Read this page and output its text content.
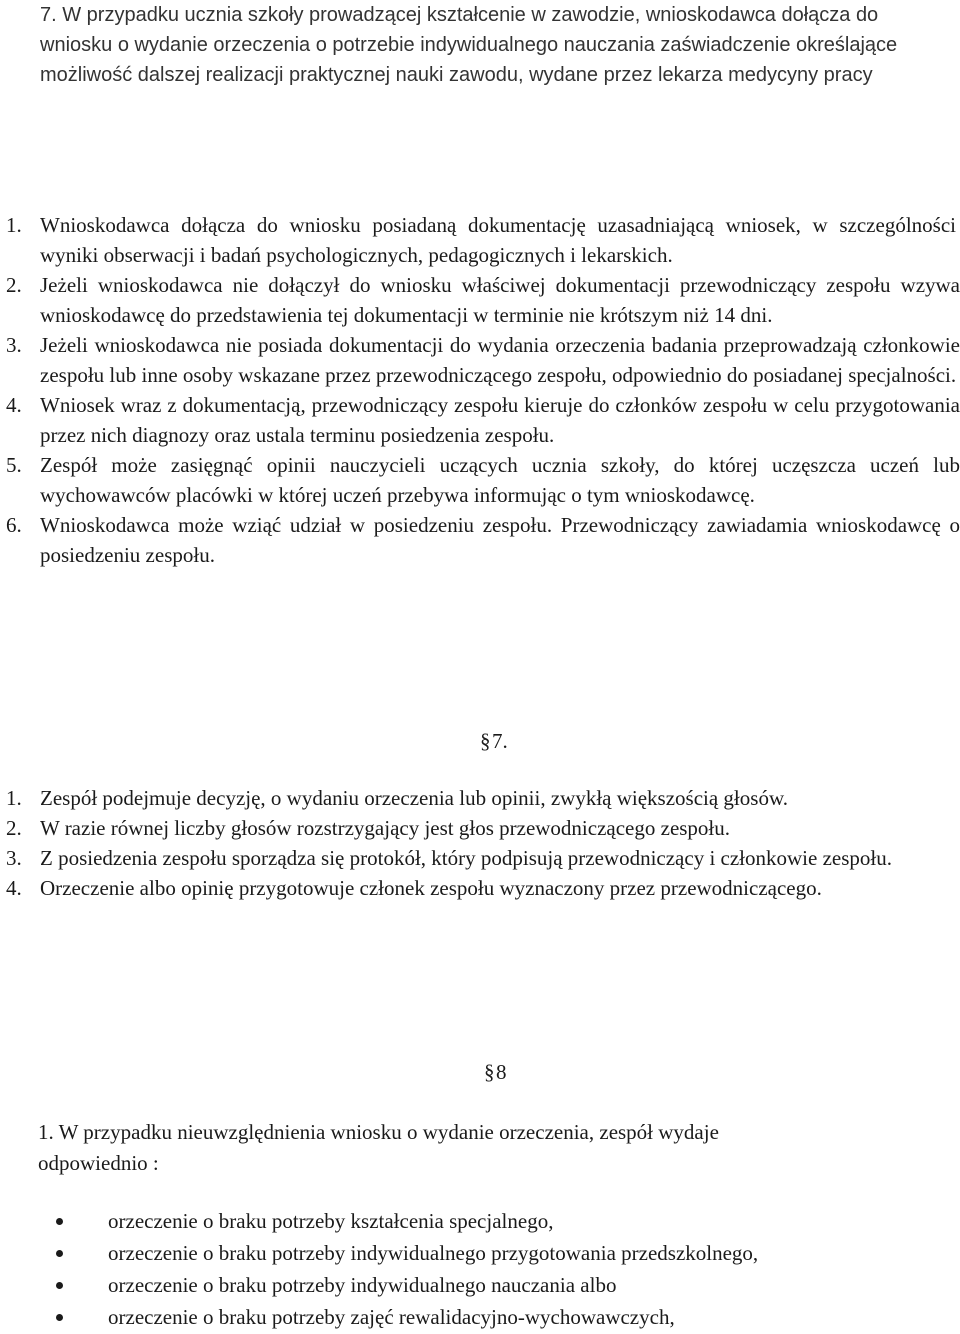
7. W przypadku ucznia szkoły prowadzącej kształcenie w zawodzie, wnioskodawca dołącza do wniosku o wydanie orzeczenia o potrzebie indywidualnego nauczania zaświadczenie określające możliwość dalszej realizacji praktycznej nauki zawodu, wydane przez lekarza medycyny pracy
1. Wnioskodawca dołącza do wniosku posiadaną dokumentację uzasadniającą wniosek, w szczególności wyniki obserwacji i badań psychologicznych, pedagogicznych i lekarskich.
2. Jeżeli wnioskodawca nie dołączył do wniosku właściwej dokumentacji przewodniczący zespołu wzywa wnioskodawcę do przedstawienia tej dokumentacji w terminie nie krótszym niż 14 dni.
3. Jeżeli wnioskodawca nie posiada dokumentacji do wydania orzeczenia badania przeprowadzają członkowie zespołu lub inne osoby wskazane przez przewodniczącego zespołu, odpowiednio do posiadanej specjalności.
4. Wniosek wraz z dokumentacją, przewodniczący zespołu kieruje do członków zespołu w celu przygotowania przez nich diagnozy oraz ustala terminu posiedzenia zespołu.
5. Zespół może zasięgnąć opinii nauczycieli uczących ucznia szkoły, do której uczęszcza uczeń lub wychowawców placówki w której uczeń przebywa informując o tym wnioskodawcę.
6. Wnioskodawca może wziąć udział w posiedzeniu zespołu. Przewodniczący zawiadamia wnioskodawcę o posiedzeniu zespołu.
§7.
1. Zespół podejmuje decyzję, o wydaniu orzeczenia lub opinii, zwykłą większością głosów.
2. W razie równej liczby głosów rozstrzygający jest głos przewodniczącego zespołu.
3. Z posiedzenia zespołu sporządza się protokół, który podpisują przewodniczący i członkowie zespołu.
4. Orzeczenie albo opinię przygotowuje członek zespołu wyznaczony przez przewodniczącego.
§8
1. W przypadku nieuwzględnienia wniosku o wydanie orzeczenia, zespół wydaje
odpowiednio :
orzeczenie o braku potrzeby kształcenia specjalnego,
orzeczenie o braku potrzeby indywidualnego przygotowania przedszkolnego,
orzeczenie o braku potrzeby indywidualnego nauczania albo
orzeczenie o braku potrzeby zajęć rewalidacyjno-wychowawczych,
